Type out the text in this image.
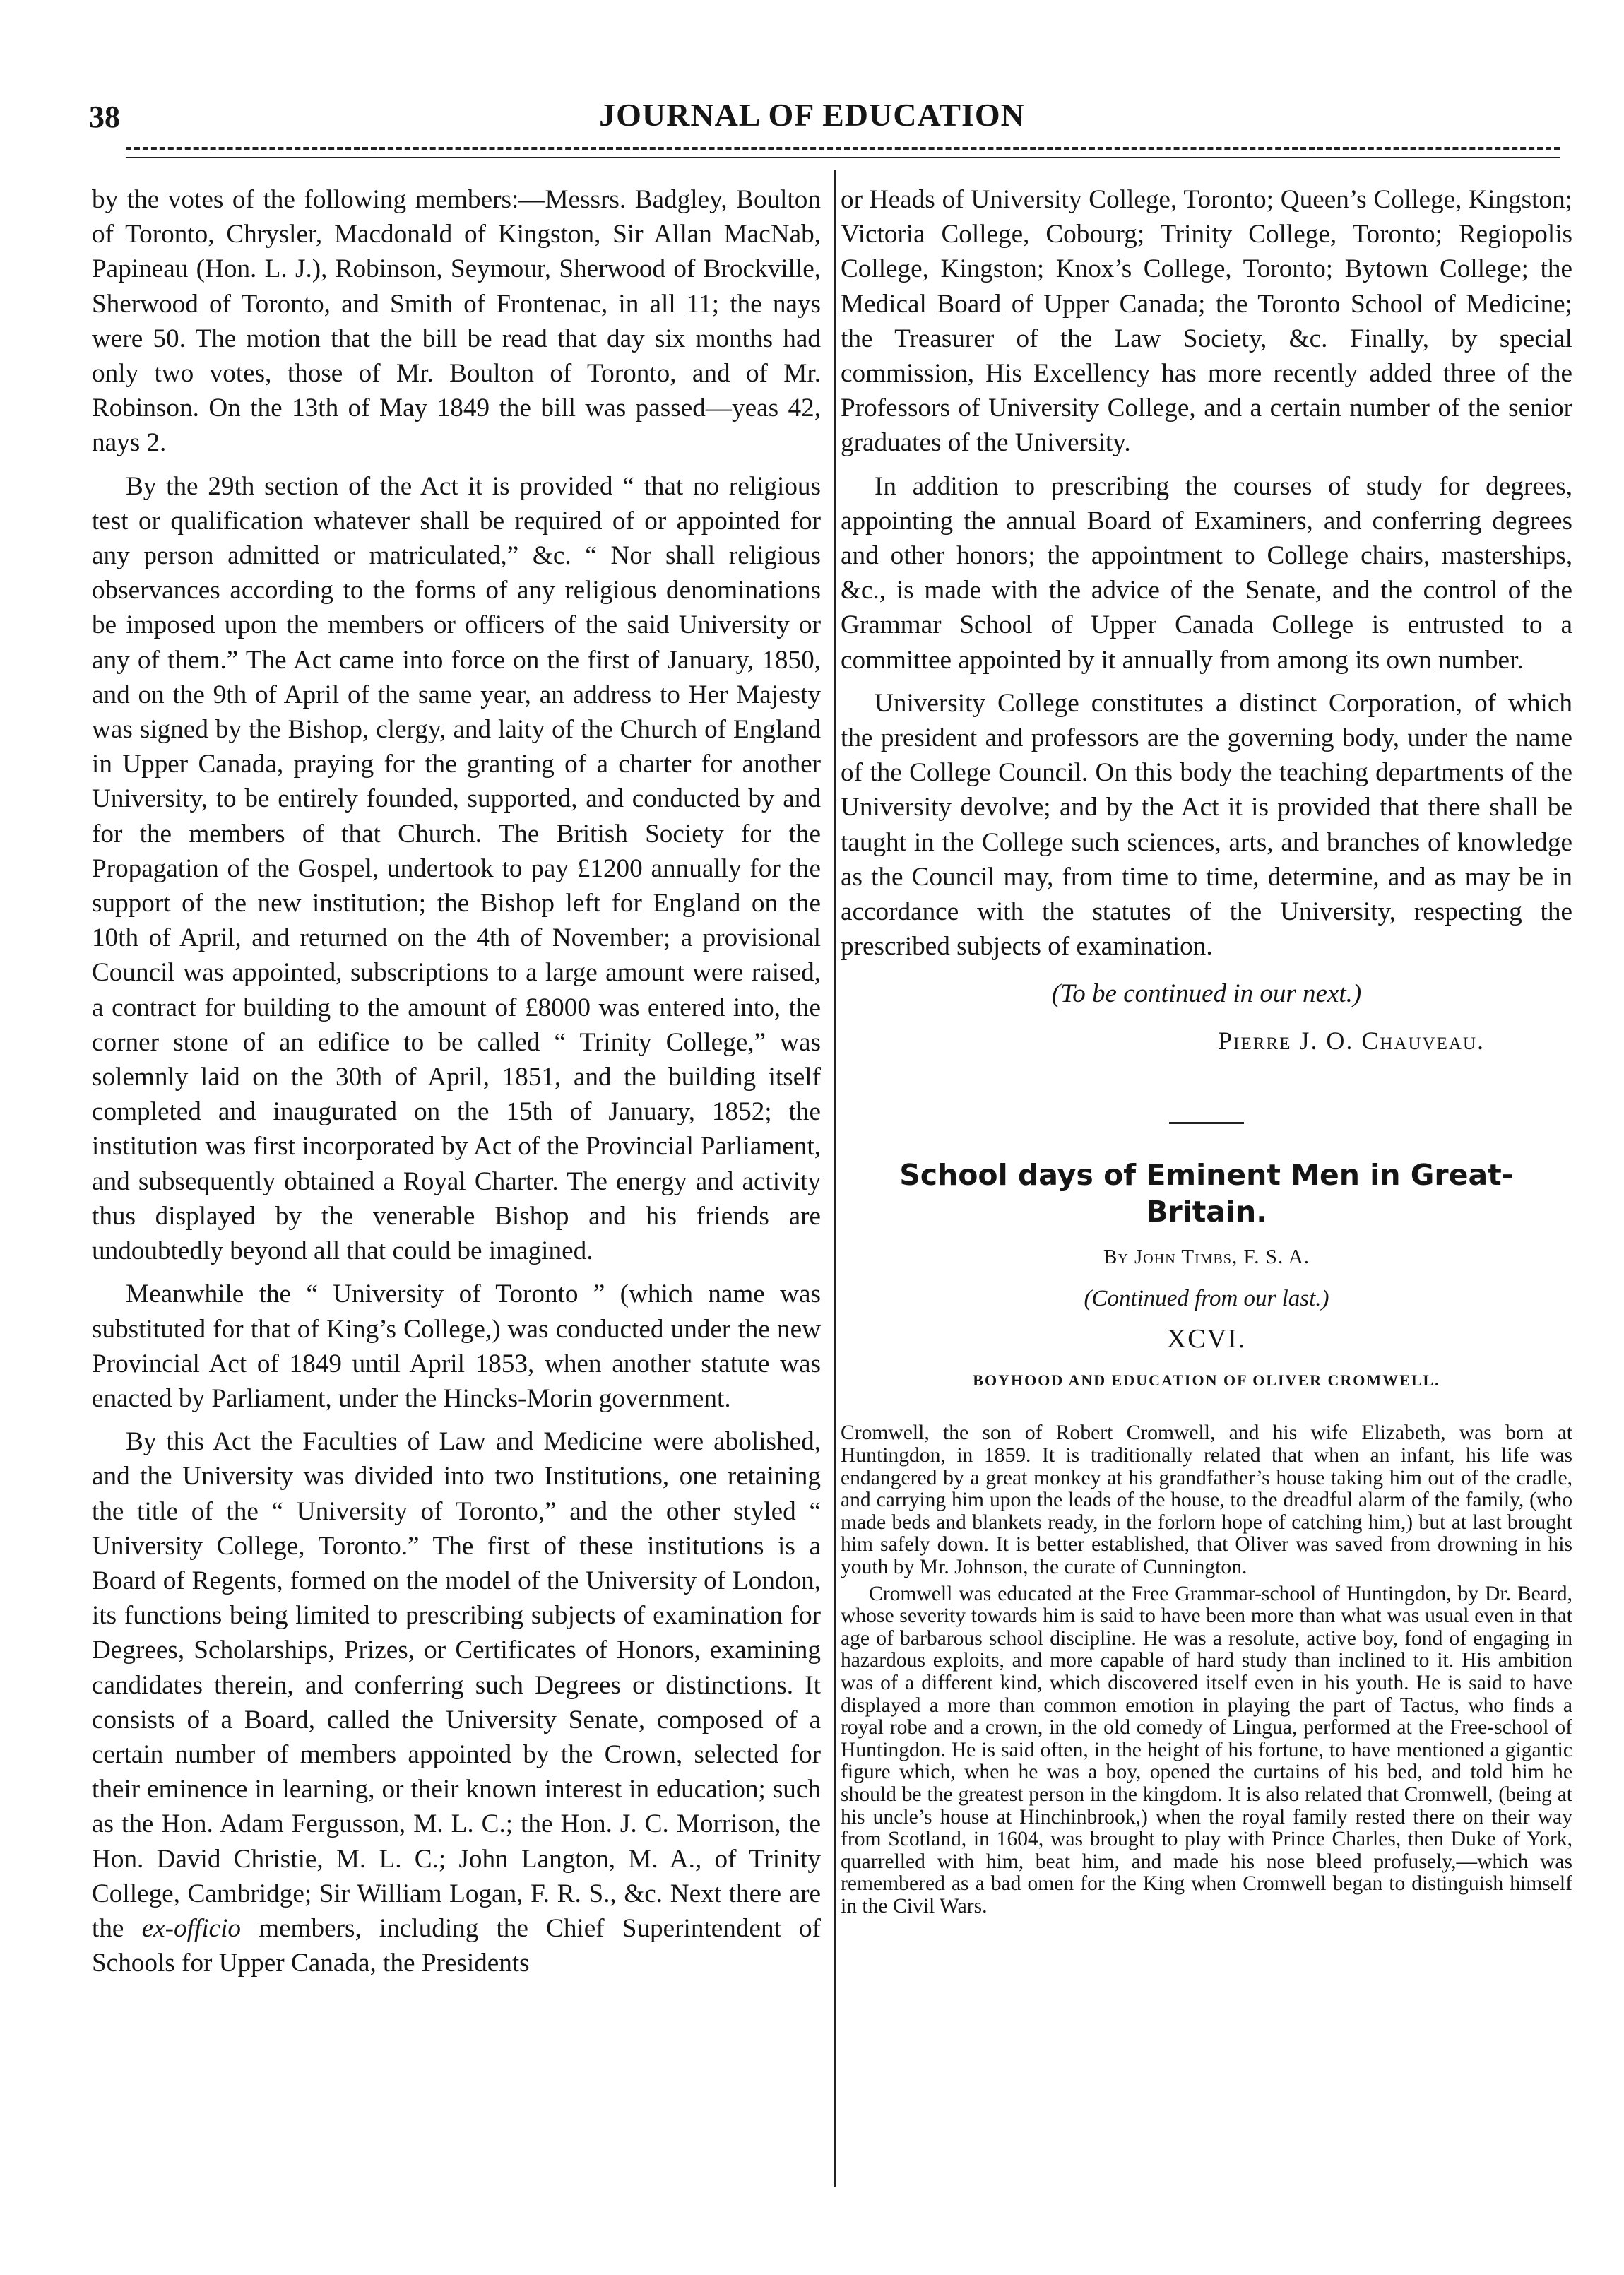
38	JOURNAL OF EDUCATION

by the votes of the following members:—Messrs. Badgley, Boulton of Toronto, Chrysler, Macdonald of Kingston, Sir Allan MacNab, Papineau (Hon. L. J.), Robinson, Seymour, Sherwood of Brockville, Sherwood of Toronto, and Smith of Frontenac, in all 11; the nays were 50. The motion that the bill be read that day six months had only two votes, those of Mr. Boulton of Toronto, and of Mr. Robinson. On the 13th of May 1849 the bill was passed—yeas 42, nays 2.

By the 29th section of the Act it is provided “ that no religious test or qualification whatever shall be required of or appointed for any person admitted or matriculated,” &c. “ Nor shall religious observances according to the forms of any religious denominations be imposed upon the members or officers of the said University or any of them.” The Act came into force on the first of January, 1850, and on the 9th of April of the same year, an address to Her Majesty was signed by the Bishop, clergy, and laity of the Church of England in Upper Canada, praying for the granting of a charter for another University, to be entirely founded, supported, and conducted by and for the members of that Church. The British Society for the Propagation of the Gospel, undertook to pay £1200 annually for the support of the new institution; the Bishop left for England on the 10th of April, and returned on the 4th of November; a provisional Council was appointed, subscriptions to a large amount were raised, a contract for building to the amount of £8000 was entered into, the corner stone of an edifice to be called “ Trinity College,” was solemnly laid on the 30th of April, 1851, and the building itself completed and inaugurated on the 15th of January, 1852; the institution was first incorporated by Act of the Provincial Parliament, and subsequently obtained a Royal Charter. The energy and activity thus displayed by the venerable Bishop and his friends are undoubtedly beyond all that could be imagined.

Meanwhile the “ University of Toronto ” (which name was substituted for that of King’s College,) was conducted under the new Provincial Act of 1849 until April 1853, when another statute was enacted by Parliament, under the Hincks-Morin government.

By this Act the Faculties of Law and Medicine were abolished, and the University was divided into two Institutions, one retaining the title of the “ University of Toronto,” and the other styled “ University College, Toronto.” The first of these institutions is a Board of Regents, formed on the model of the University of London, its functions being limited to prescribing subjects of examination for Degrees, Scholarships, Prizes, or Certificates of Honors, examining candidates therein, and conferring such Degrees or distinctions. It consists of a Board, called the University Senate, composed of a certain number of members appointed by the Crown, selected for their eminence in learning, or their known interest in education; such as the Hon. Adam Fergusson, M. L. C.; the Hon. J. C. Morrison, the Hon. David Christie, M. L. C.; John Langton, M. A., of Trinity College, Cambridge; Sir William Logan, F. R. S., &c. Next there are the ex-officio members, including the Chief Superintendent of Schools for Upper Canada, the Presidents

or Heads of University College, Toronto; Queen’s College, Kingston; Victoria College, Cobourg; Trinity College, Toronto; Regiopolis College, Kingston; Knox’s College, Toronto; Bytown College; the Medical Board of Upper Canada; the Toronto School of Medicine; the Treasurer of the Law Society, &c. Finally, by special commission, His Excellency has more recently added three of the Professors of University College, and a certain number of the senior graduates of the University.

In addition to prescribing the courses of study for degrees, appointing the annual Board of Examiners, and conferring degrees and other honors; the appointment to College chairs, masterships, &c., is made with the advice of the Senate, and the control of the Grammar School of Upper Canada College is entrusted to a committee appointed by it annually from among its own number.

University College constitutes a distinct Corporation, of which the president and professors are the governing body, under the name of the College Council. On this body the teaching departments of the University devolve; and by the Act it is provided that there shall be taught in the College such sciences, arts, and branches of knowledge as the Council may, from time to time, determine, and as may be in accordance with the statutes of the University, respecting the prescribed subjects of examination.

(To be continued in our next.)
Pierre J. O. Chauveau.
School days of Eminent Men in Great-Britain.
By John Timbs, F. S. A.
(Continued from our last.)
XCVI.
BOYHOOD AND EDUCATION OF OLIVER CROMWELL.

Cromwell, the son of Robert Cromwell, and his wife Elizabeth, was born at Huntingdon, in 1859. It is traditionally related that when an infant, his life was endangered by a great monkey at his grandfather’s house taking him out of the cradle, and carrying him upon the leads of the house, to the dreadful alarm of the family, (who made beds and blankets ready, in the forlorn hope of catching him,) but at last brought him safely down. It is better established, that Oliver was saved from drowning in his youth by Mr. Johnson, the curate of Cunnington.

Cromwell was educated at the Free Grammar-school of Huntingdon, by Dr. Beard, whose severity towards him is said to have been more than what was usual even in that age of barbarous school discipline. He was a resolute, active boy, fond of engaging in hazardous exploits, and more capable of hard study than inclined to it. His ambition was of a different kind, which discovered itself even in his youth. He is said to have displayed a more than common emotion in playing the part of Tactus, who finds a royal robe and a crown, in the old comedy of Lingua, performed at the Free-school of Huntingdon. He is said often, in the height of his fortune, to have mentioned a gigantic figure which, when he was a boy, opened the curtains of his bed, and told him he should be the greatest person in the kingdom. It is also related that Cromwell, (being at his uncle’s house at Hinchinbrook,) when the royal family rested there on their way from Scotland, in 1604, was brought to play with Prince Charles, then Duke of York, quarrelled with him, beat him, and made his nose bleed profusely,—which was remembered as a bad omen for the King when Cromwell began to distinguish himself in the Civil Wars.
